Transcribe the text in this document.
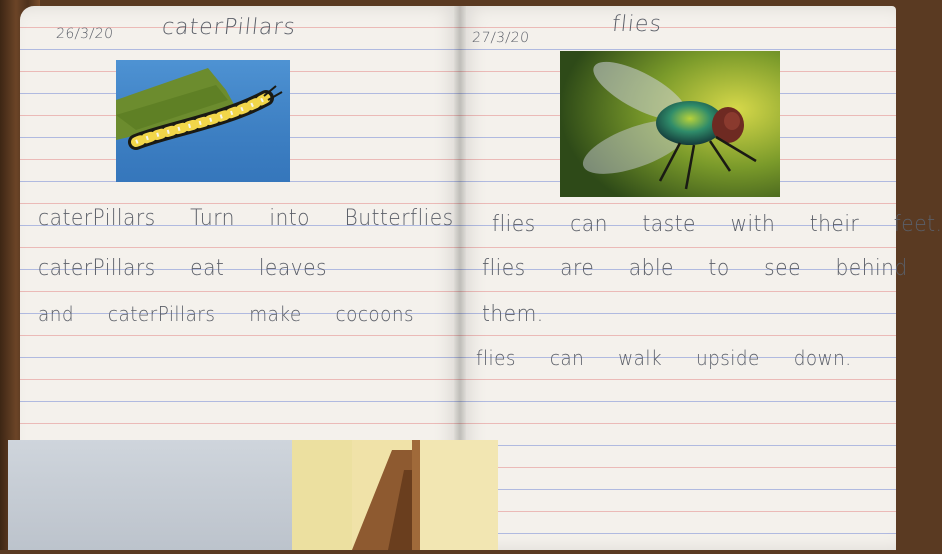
26/3/20 caterPillars
caterPillars Turn into Butterflies
caterPillars eat leaves
and caterPillars make cocoons
27/3/20
flies
flies can taste with their feet.
flies are able to see behind
them.
flies can walk upside down.
